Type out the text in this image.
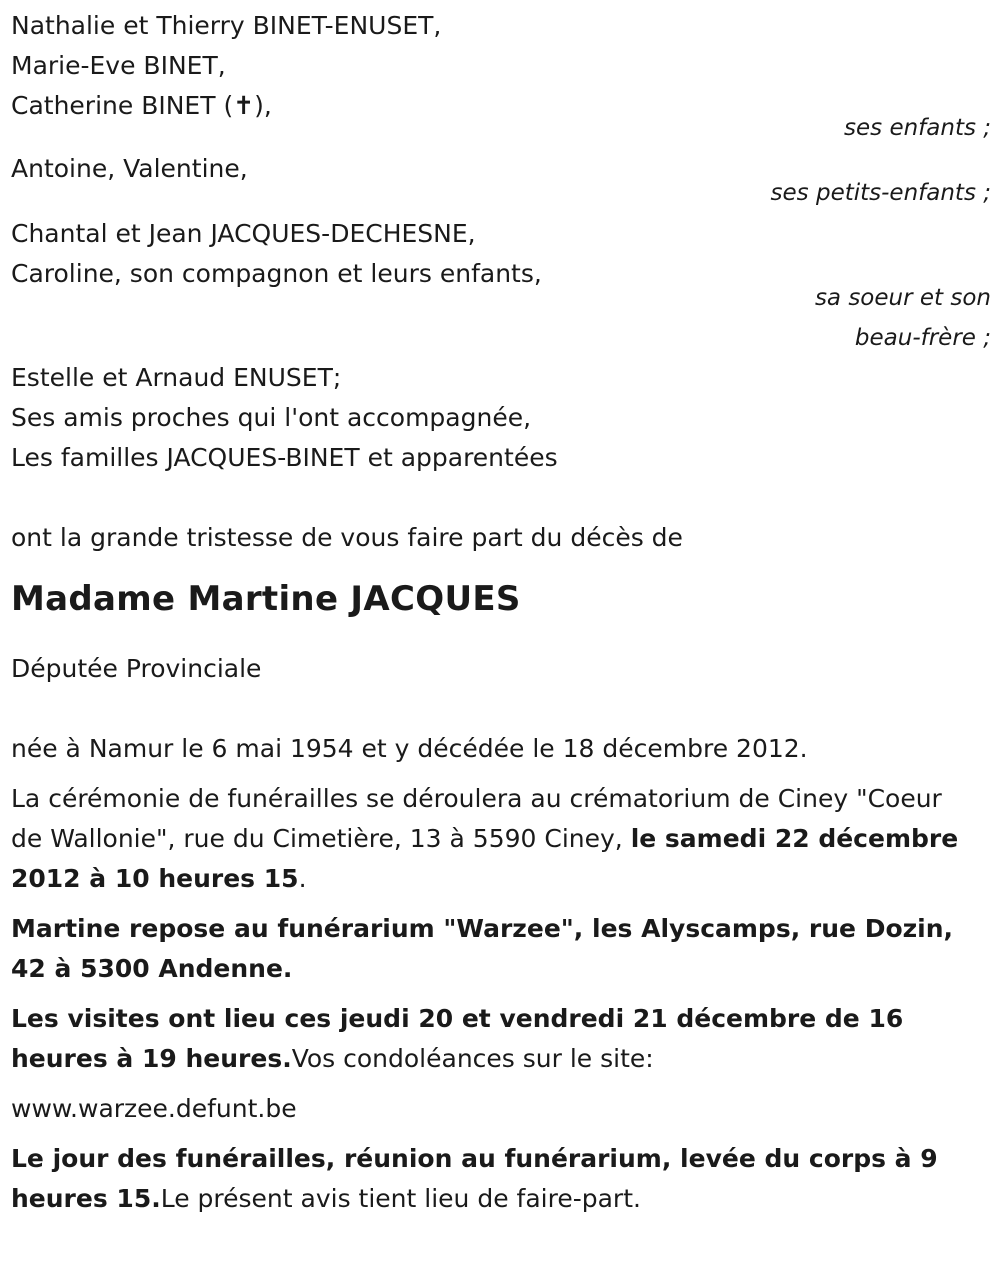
Nathalie et Thierry BINET-ENUSET,
Marie-Eve BINET,
Catherine BINET (✝),
ses enfants ;
Antoine, Valentine,
ses petits-enfants ;
Chantal et Jean JACQUES-DECHESNE,
Caroline, son compagnon et leurs enfants,
sa soeur et son
beau-frère ;
Estelle et Arnaud ENUSET;
Ses amis proches qui l'ont accompagnée,
Les familles JACQUES-BINET et apparentées
ont la grande tristesse de vous faire part du décès de
Madame Martine JACQUES
Députée Provinciale
née à Namur le 6 mai 1954 et y décédée le 18 décembre 2012.
La cérémonie de funérailles se déroulera au crématorium de Ciney "Coeur de Wallonie", rue du Cimetière, 13 à 5590 Ciney, le samedi 22 décembre 2012 à 10 heures 15.
Martine repose au funérarium "Warzee", les Alyscamps, rue Dozin, 42 à 5300 Andenne.
Les visites ont lieu ces jeudi 20 et vendredi 21 décembre de 16 heures à 19 heures.Vos condoléances sur le site:
www.warzee.defunt.be
Le jour des funérailles, réunion au funérarium, levée du corps à 9 heures 15.Le présent avis tient lieu de faire-part.
